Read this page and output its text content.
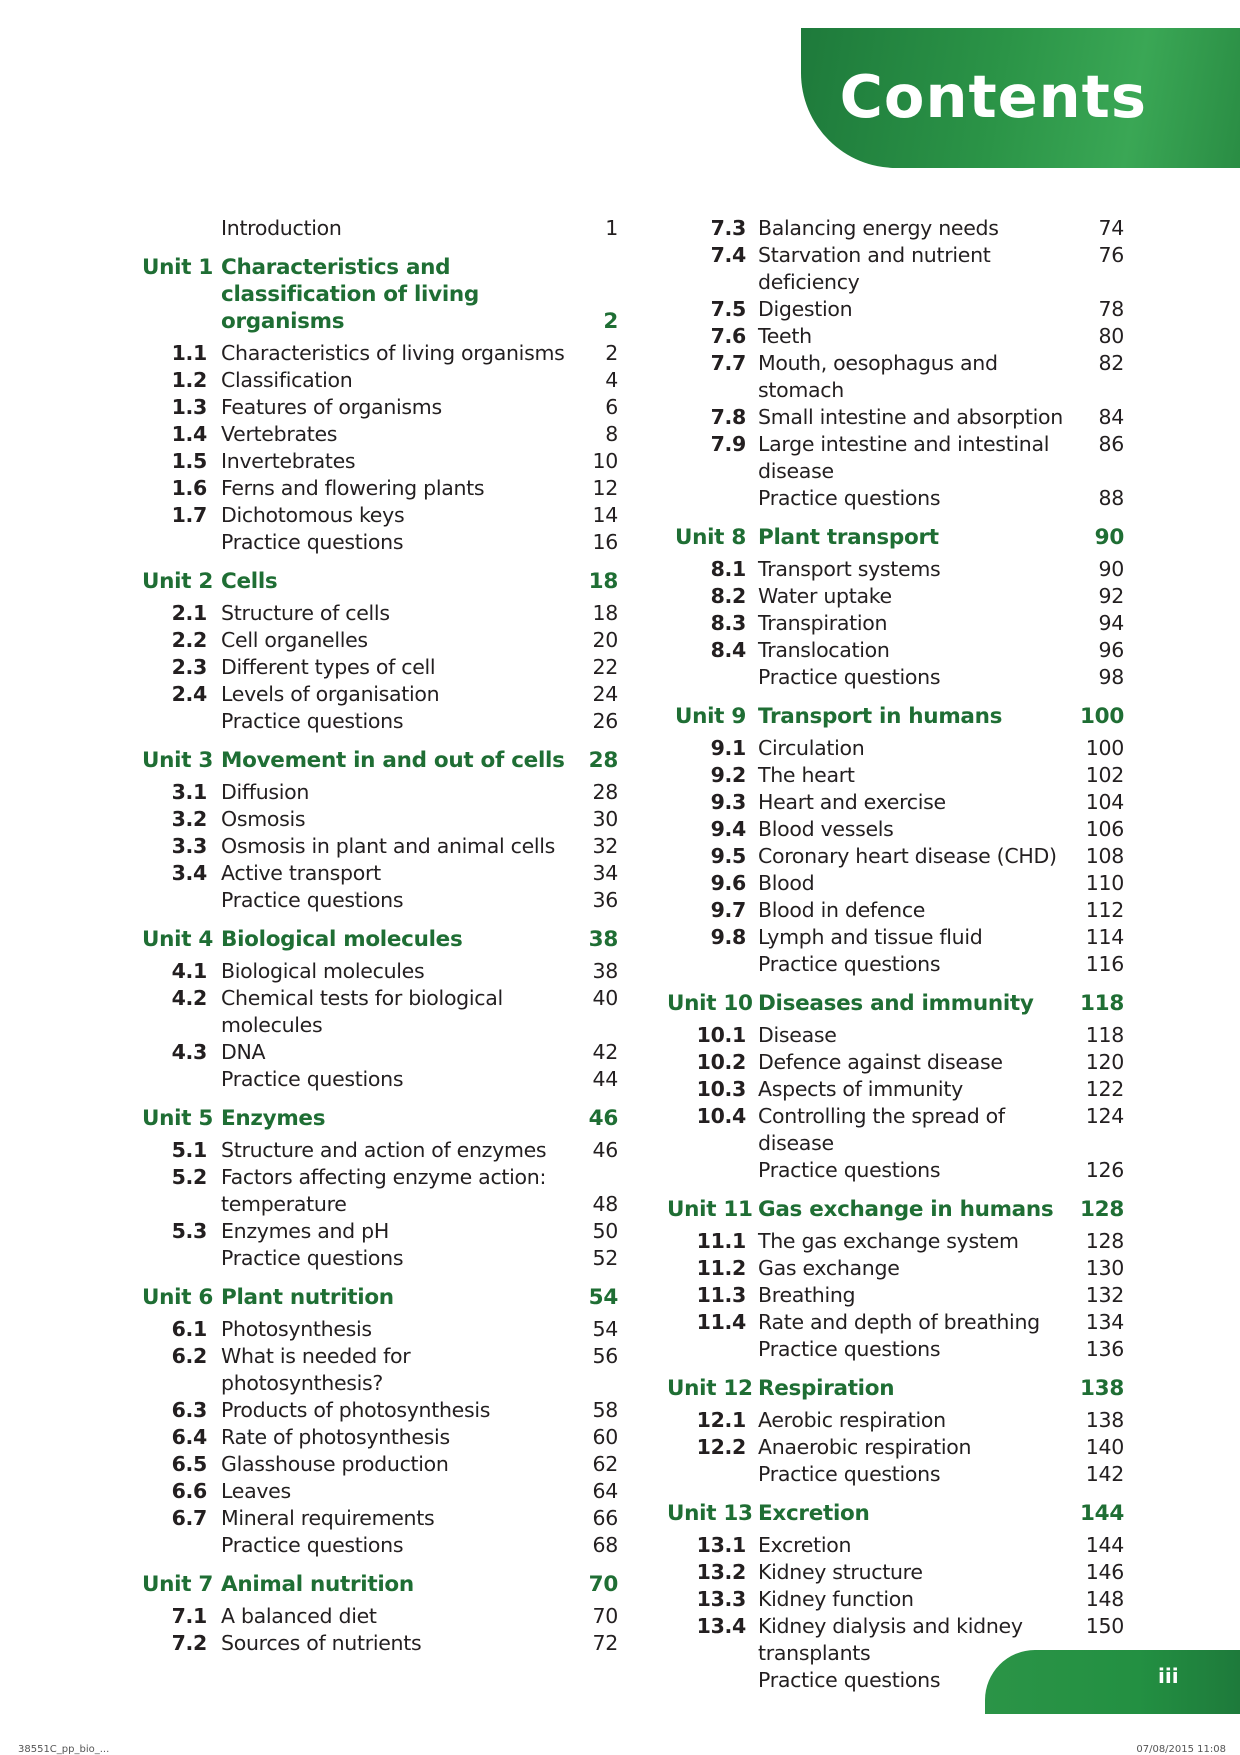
Contents
Introduction	1
Unit 1 Characteristics and classification of living organisms	2
1.1 Characteristics of living organisms	2
1.2 Classification	4
1.3 Features of organisms	6
1.4 Vertebrates	8
1.5 Invertebrates	10
1.6 Ferns and flowering plants	12
1.7 Dichotomous keys	14
Practice questions	16
Unit 2 Cells	18
2.1 Structure of cells	18
2.2 Cell organelles	20
2.3 Different types of cell	22
2.4 Levels of organisation	24
Practice questions	26
Unit 3 Movement in and out of cells	28
3.1 Diffusion	28
3.2 Osmosis	30
3.3 Osmosis in plant and animal cells	32
3.4 Active transport	34
Practice questions	36
Unit 4 Biological molecules	38
4.1 Biological molecules	38
4.2 Chemical tests for biological molecules
40
4.3 DNA	42
Practice questions	44
Unit 5 Enzymes	46
5.1 Structure and action of enzymes	46
5.2 Factors affecting enzyme action:
temperature	48
5.3 Enzymes and pH	50
Practice questions	52
Unit 6 Plant nutrition	54
6.1 Photosynthesis	54
6.2 What is needed for photosynthesis?
56
6.3 Products of photosynthesis	58
6.4 Rate of photosynthesis	60
6.5 Glasshouse production	62
6.6 Leaves	64
6.7 Mineral requirements	66
Practice questions	68
Unit 7 Animal nutrition	70
7.1 A balanced diet	70
7.2 Sources of nutrients	72
7.3 Balancing energy needs	74
7.4 Starvation and nutrient deficiency
76
7.5 Digestion	78
7.6 Teeth	80
7.7 Mouth, oesophagus and stomach
82
7.8 Small intestine and absorption	84
7.9 Large intestine and intestinal disease
86
Practice questions	88
Unit 8 Plant transport	90
8.1 Transport systems	90
8.2 Water uptake	92
8.3 Transpiration	94
8.4 Translocation	96
Practice questions	98
Unit 9 Transport in humans	100
9.1 Circulation	100
9.2 The heart	102
9.3 Heart and exercise	104
9.4 Blood vessels	106
9.5 Coronary heart disease (CHD)	108
9.6 Blood	110
9.7 Blood in defence	112
9.8 Lymph and tissue fluid	114
Practice questions	116
Unit 10 Diseases and immunity	118
10.1 Disease	118
10.2 Defence against disease	120
10.3 Aspects of immunity	122
10.4 Controlling the spread of disease
124
Practice questions	126
Unit 11 Gas exchange in humans	128
11.1 The gas exchange system	128
11.2 Gas exchange	130
11.3 Breathing	132
11.4 Rate and depth of breathing	134
Practice questions	136
Unit 12 Respiration	138
12.1 Aerobic respiration	138
12.2 Anaerobic respiration	140
Practice questions	142
Unit 13 Excretion	144
13.1 Excretion	144
13.2 Kidney structure	146
13.3 Kidney function	148
13.4 Kidney dialysis and kidney transplants
150
Practice questions	iii
38551C_pp_bio_...	07/08/2015 11:08
